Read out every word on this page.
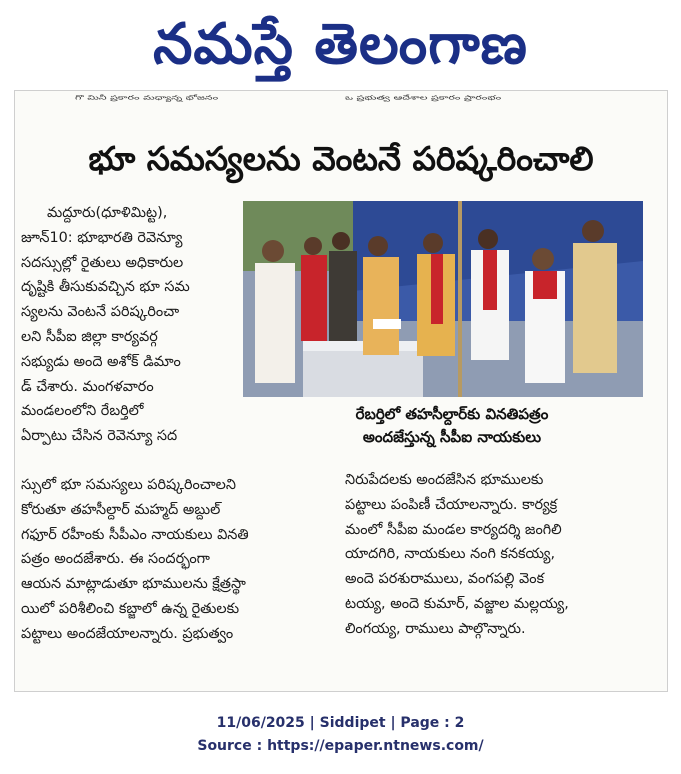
నమస్తే తెలంగాణ
గొ మినీ ప్రకారం మధ్యాన్న భోజనం	ఒ ప్రభుత్వ ఆదేశాల ప్రకారం ప్రారంభం
భూ సమస్యలను వెంటనే పరిష్కరించాలి
మద్దూరు(ధూళిమిట్ట),
జూన్10: భూభారతి రెవెన్యూ
సదస్సుల్లో రైతులు అధికారుల
దృష్టికి తీసుకువచ్చిన భూ సమ
స్యలను వెంటనే పరిష్కరించా
లని సీపీఐ జిల్లా కార్యవర్గ
సభ్యుడు అందె అశోక్ డిమాం
డ్ చేశారు. మంగళవారం
మండలంలోని రేబర్తిలో
ఏర్పాటు చేసిన రెవెన్యూ సద
రేబర్తిలో తహసీల్దార్‌కు వినతిపత్రం
అందజేస్తున్న సీపీఐ నాయకులు
స్సులో భూ సమస్యలు పరిష్కరించాలని
కోరుతూ తహసీల్దార్ మహ్మద్ అబ్దుల్
గఫూర్ రహీంకు సీపీఎం నాయకులు వినతి
పత్రం అందజేశారు. ఈ సందర్భంగా
ఆయన మాట్లాడుతూ భూములను క్షేత్రస్థా
యిలో పరిశీలించి కబ్జాలో ఉన్న రైతులకు
పట్టాలు అందజేయాలన్నారు. ప్రభుత్వం
నిరుపేదలకు అందజేసిన భూములకు
పట్టాలు పంపిణీ చేయాలన్నారు. కార్యక్ర
మంలో సీపీఐ మండల కార్యదర్శి జంగిలి
యాదగిరి, నాయకులు నంగి కనకయ్య,
అందె పరశురాములు, వంగపల్లి వెంక
టయ్య, అందె కుమార్, వజ్జాల మల్లయ్య,
లింగయ్య, రాములు పాల్గొన్నారు.
11/06/2025 | Siddipet | Page : 2
Source : https://epaper.ntnews.com/
